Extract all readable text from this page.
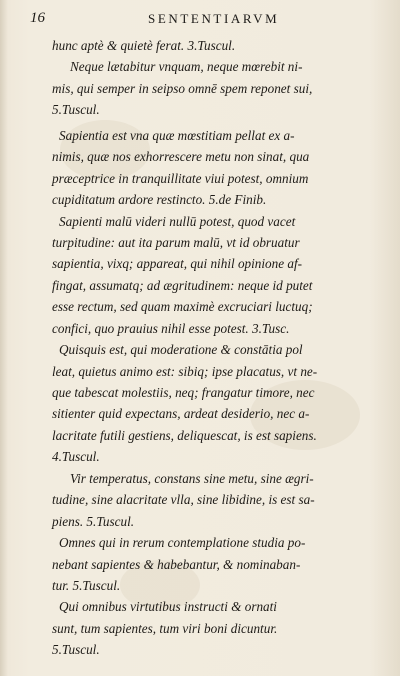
16	SENTENTIARVM
hunc aptè & quietè ferat. 3.Tuscul.
Neque lætabitur vnquam, neque mœrebit ni-
mis, qui semper in seipso omnē spem reponet sui,
5.Tuscul.
Sapientia est vna quæ mœstitiam pellat ex a-
nimis, quæ nos exhorrescere metu non sinat, qua
præceptrice in tranquillitate viui potest, omnium
cupiditatum ardore restincto. 5.de Finib.
Sapienti malū videri nullū potest, quod vacet
turpitudine: aut ita parum malū, vt id obruatur
sapientia, vixq; appareat, qui nihil opinione af-
fingat, assumatq; ad ægritudinem: neque id putet
esse rectum, sed quam maximè excruciari luctuq;
confici, quo prauius nihil esse potest. 3.Tusc.
Quisquis est, qui moderatione & constātia pol
leat, quietus animo est: sibiq; ipse placatus, vt ne-
que tabescat molestiis, neq; frangatur timore, nec
sitienter quid expectans, ardeat desiderio, nec a-
lacritate futili gestiens, deliquescat, is est sapiens.
4.Tuscul.
Vir temperatus, constans sine metu, sine ægri-
tudine, sine alacritate vlla, sine libidine, is est sa-
piens. 5.Tuscul.
Omnes qui in rerum contemplatione studia po-
nebant sapientes & habebantur, & nominaban-
tur. 5.Tuscul.
Qui omnibus virtutibus instructi & ornati
sunt, tum sapientes, tum viri boni dicuntur.
5.Tuscul.
